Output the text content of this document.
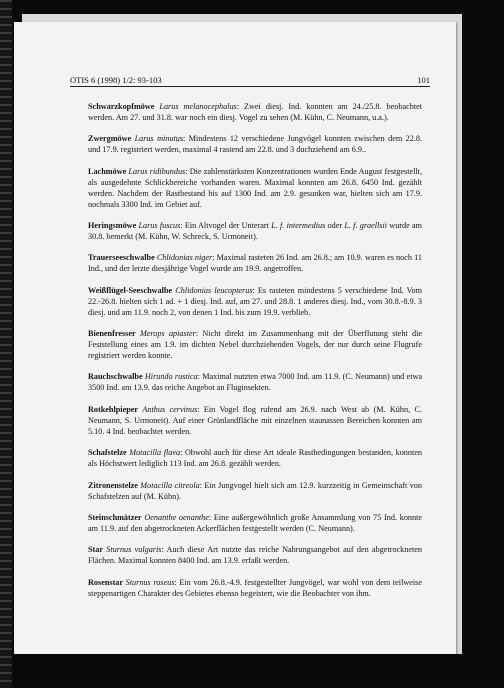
OTIS 6 (1998) 1/2: 93-103	101

Schwarzkopfmöwe Larus melanocephalus: Zwei diesj. Ind. konnten am 24./25.8. beobachtet werden. Am 27. und 31.8. war noch ein diesj. Vogel zu sehen (M. Kühn, C. Neumann, u.a.).

Zwergmöwe Larus minutus: Mindestens 12 verschiedene Jungvögel konnten zwischen dem 22.8. und 17.9. registriert werden, maximal 4 rastend am 22.8. und 3 duchziehend am 6.9..

Lachmöwe Larus ridibundus: Die zahlenstärksten Konzentrationen wurden Ende August festgestellt, als ausgedehnte Schlickbereiche vorhanden waren. Maximal konnten am 26.8. 6450 Ind. gezählt werden. Nachdem der Rastbestand bis auf 1300 Ind. am 2.9. gesunken war, hielten sich am 17.9. nochmals 3300 Ind. im Gebiet auf.

Heringsmöwe Larus fuscus: Ein Altvogel der Unterart L. f. intermedius oder L. f. graellsii wurde am 30.8. bemerkt (M. Kühn, W. Schreck, S. Urmoneit).

Trauerseeschwalbe Chlidonias niger: Maximal rasteten 26 Ind. am 26.8.; am 10.9. waren es noch 11 Ind., und der letzte diesjährige Vogel wurde am 19.9. angetroffen.

Weißflügel-Seeschwalbe Chlidonias leucopterus: Es rasteten mindestens 5 verschiedene Ind. Vom 22.-26.8. hielten sich 1 ad. + 1 diesj. Ind. auf, am 27. und 28.8. 1 anderes diesj. Ind., vom 30.8.-8.9. 3 diesj. und am 11.9. noch 2, von denen 1 Ind. bis zum 19.9. verblieb.

Bienenfresser Merops apiaster: Nicht direkt im Zusammenhang mit der Überflutung steht die Feststellung eines am 1.9. im dichten Nebel durchziehenden Vogels, der nur durch seine Flugrufe registriert werden konnte.

Rauchschwalbe Hirundo rustica: Maximal nutzten etwa 7000 Ind. am 11.9. (C. Neumann) und etwa 3500 Ind. am 13.9. das reiche Angebot an Fluginsekten.

Rotkehlpieper Anthus cervinus: Ein Vogel flog rufend am 26.9. nach West ab (M. Kühn, C. Neumann, S. Urmoneit). Auf einer Grünlandfläche mit einzelnen staunassen Bereichen konnten am 5.10. 4 Ind. beobachtet werden.

Schafstelze Motacilla flava: Obwohl auch für diese Art ideale Rastbedingungen bestanden, konnten als Höchstwert lediglich 113 Ind. am 26.8. gezählt werden.

Zitronenstelze Motacilla citreola: Ein Jungvogel hielt sich am 12.9. kurzzeitig in Gemeinschaft von Schafstelzen auf (M. Kühn).

Steinschmätzer Oenanthe oenanthe: Eine außergewöhnlich große Ansammlung von 75 Ind. konnte am 11.9. auf den abgetrockneten Ackerflächen festgestellt werden (C. Neumann).

Star Sturnus vulgaris: Auch diese Art nutzte das reiche Nahrungsangebot auf den abgetrockneten Flächen. Maximal konnten 8400 Ind. am 13.9. erfaßt werden.

Rosenstar Sturnus roseus: Ein vom 26.8.-4.9. festgestellter Jungvögel, war wohl von dem teilweise steppenartigen Charakter des Gebietes ebenso begeistert, wie die Beobachter von ihm.
